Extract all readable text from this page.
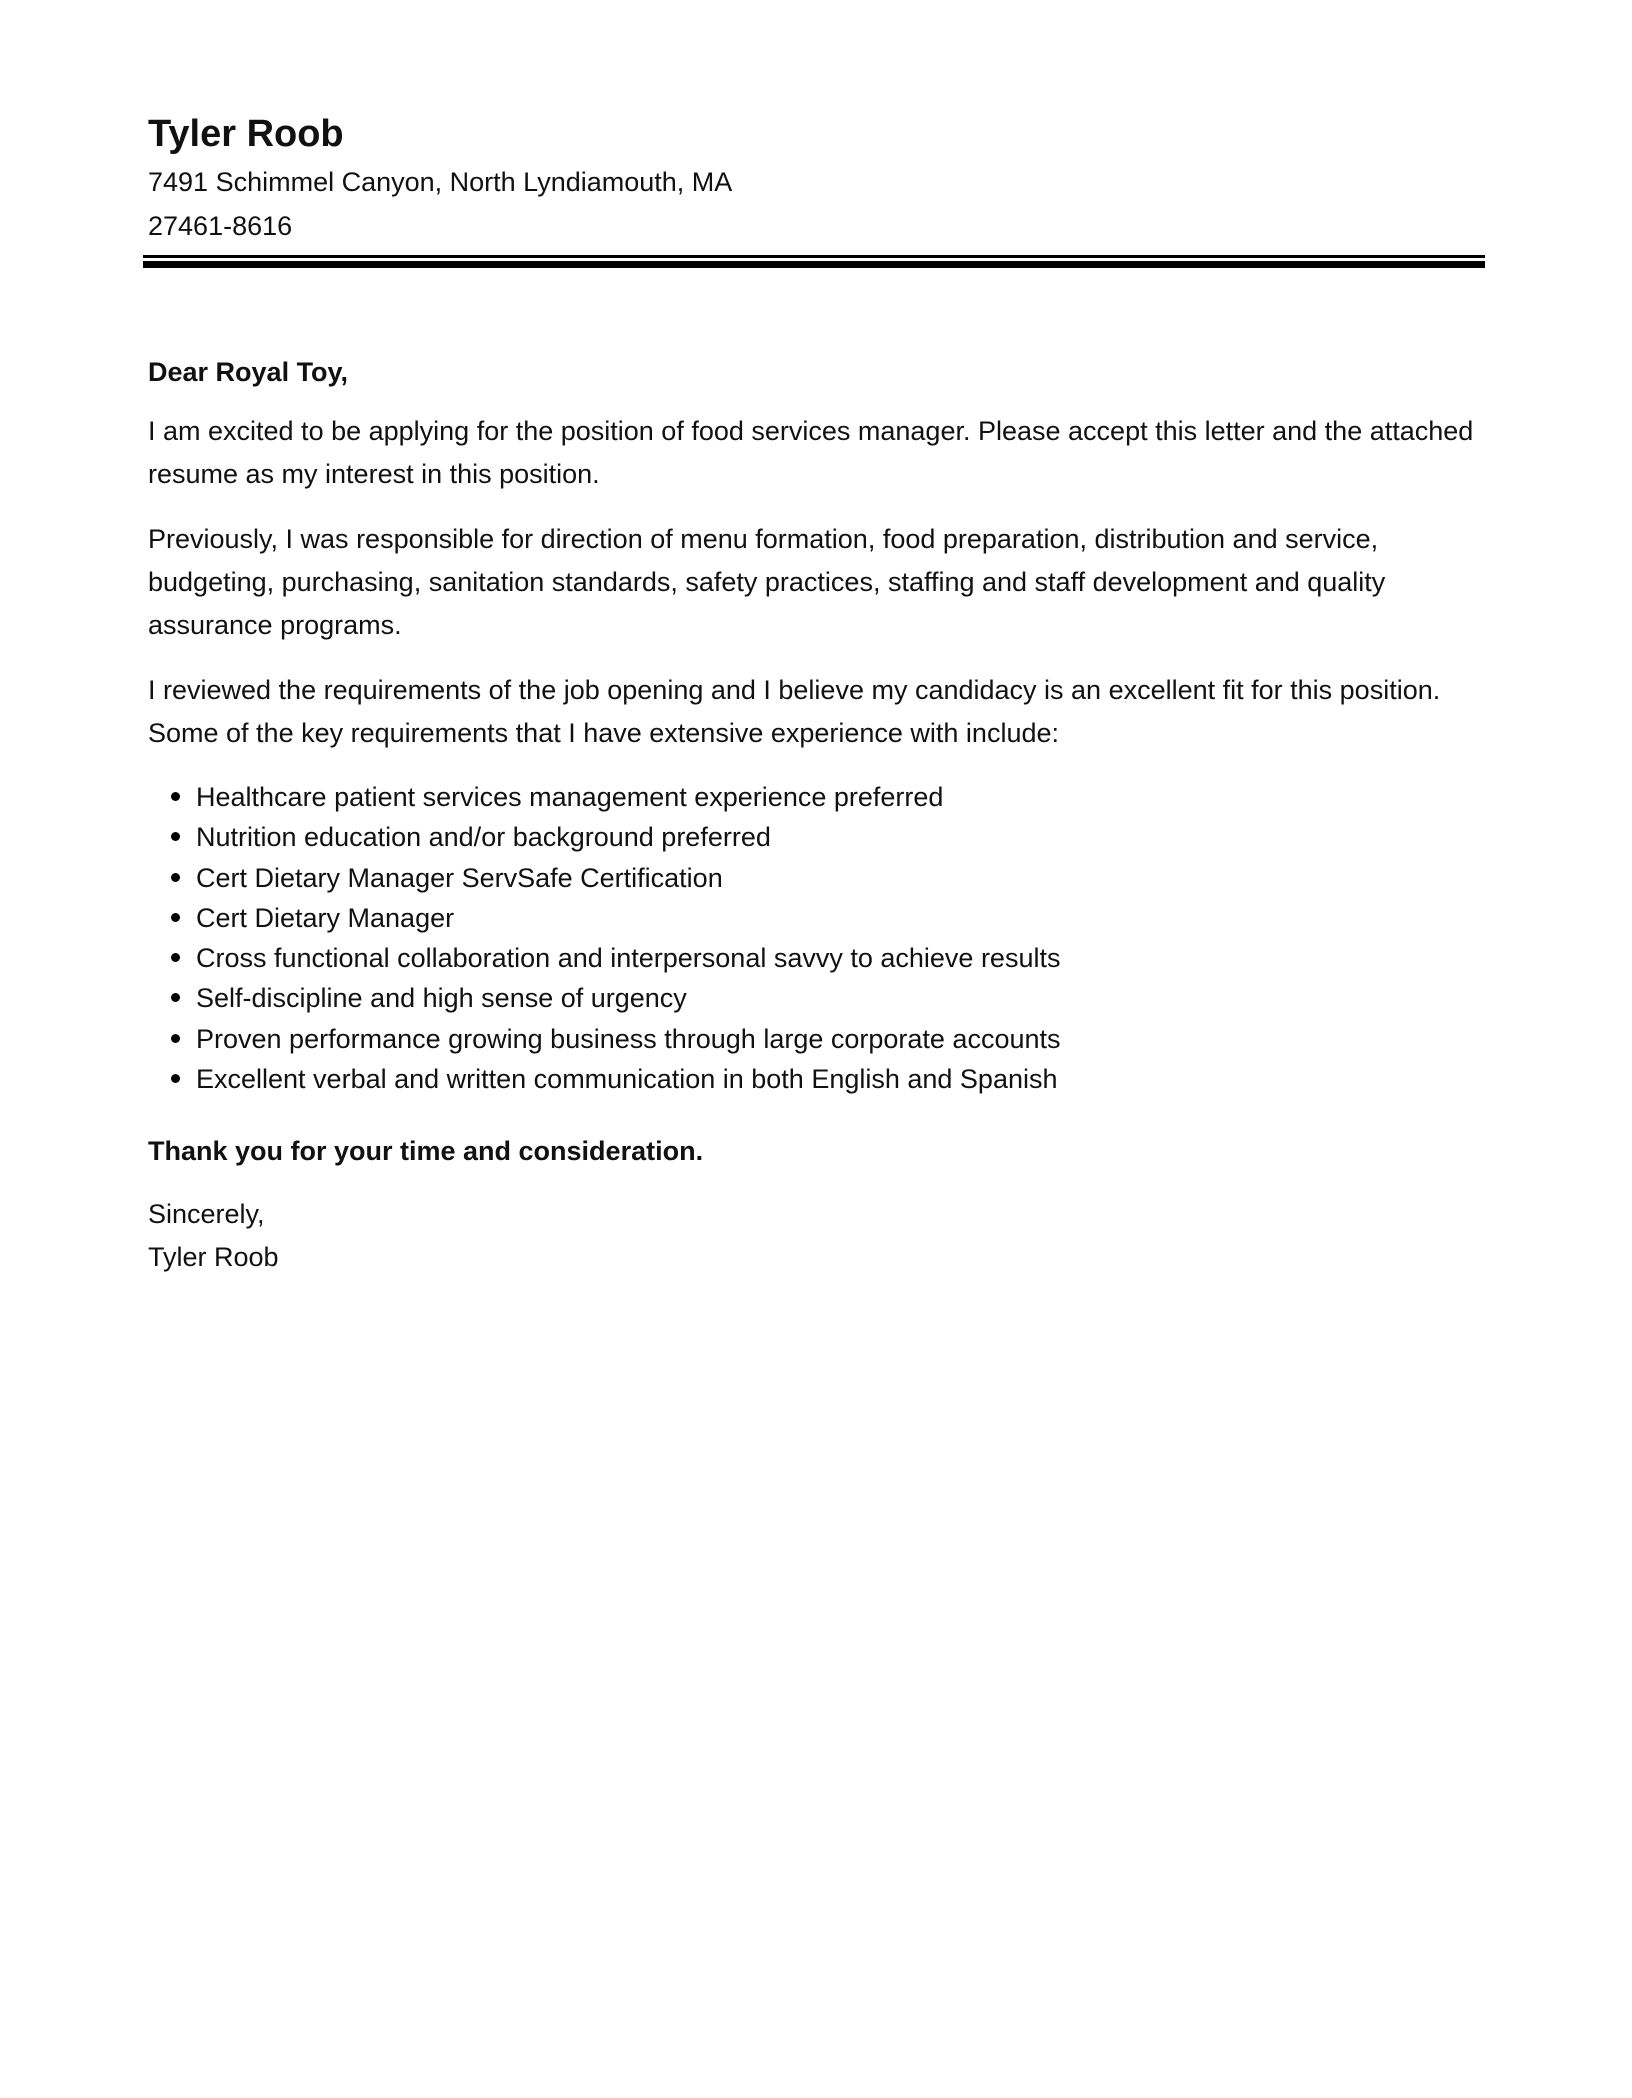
Tyler Roob

7491 Schimmel Canyon, North Lyndiamouth, MA

27461-8616

Dear Royal Toy,

I am excited to be applying for the position of food services manager. Please accept this letter and the attached resume as my interest in this position.

Previously, I was responsible for direction of menu formation, food preparation, distribution and service, budgeting, purchasing, sanitation standards, safety practices, staffing and staff development and quality assurance programs.

I reviewed the requirements of the job opening and I believe my candidacy is an excellent fit for this position. Some of the key requirements that I have extensive experience with include:

Healthcare patient services management experience preferred
Nutrition education and/or background preferred
Cert Dietary Manager ServSafe Certification
Cert Dietary Manager
Cross functional collaboration and interpersonal savvy to achieve results
Self-discipline and high sense of urgency
Proven performance growing business through large corporate accounts
Excellent verbal and written communication in both English and Spanish

Thank you for your time and consideration.

Sincerely,

Tyler Roob
